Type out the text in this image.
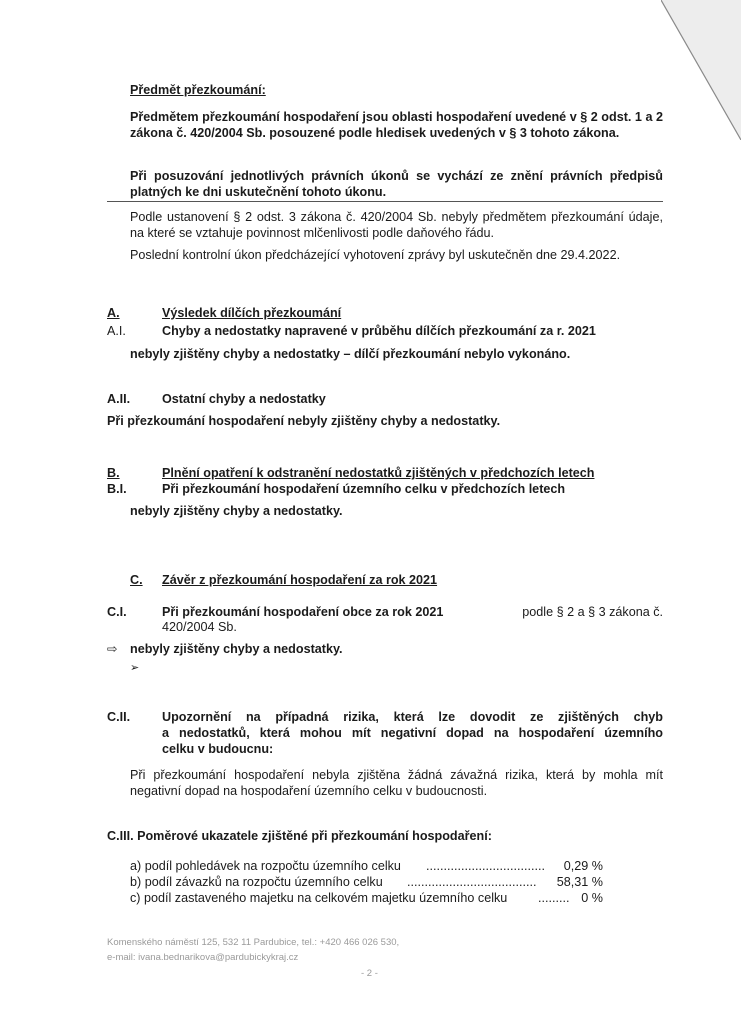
Předmět přezkoumání:
Předmětem přezkoumání hospodaření jsou oblasti hospodaření uvedené v § 2 odst. 1 a 2 zákona č. 420/2004 Sb. posouzené podle hledisek uvedených v § 3 tohoto zákona.
Při posuzování jednotlivých právních úkonů se vychází ze znění právních předpisů platných ke dni uskutečnění tohoto úkonu.
Podle ustanovení § 2 odst. 3 zákona č. 420/2004 Sb. nebyly předmětem přezkoumání údaje, na které se vztahuje povinnost mlčenlivosti podle daňového řádu.
Poslední kontrolní úkon předcházející vyhotovení zprávy byl uskutečněn dne 29.4.2022.
A.	Výsledek dílčích přezkoumání
A.I.	Chyby a nedostatky napravené v průběhu dílčích přezkoumání za r. 2021
nebyly zjištěny chyby a nedostatky – dílčí přezkoumání nebylo vykonáno.
A.II.	Ostatní chyby a nedostatky
Při přezkoumání hospodaření nebyly zjištěny chyby a nedostatky.
B.	Plnění opatření k odstranění nedostatků zjištěných v předchozích letech
B.I.	Při přezkoumání hospodaření územního celku v předchozích letech
nebyly zjištěny chyby a nedostatky.
C. Závěr z přezkoumání hospodaření za rok 2021
C.I.	Při přezkoumání hospodaření obce za rok 2021	podle § 2 a § 3 zákona č.
420/2004 Sb.
⇨ nebyly zjištěny chyby a nedostatky.
➢
C.II.	Upozornění na případná rizika, která lze dovodit ze zjištěných chyb
a nedostatků, která mohou mít negativní dopad na hospodaření územního
celku v budoucnu:
Při přezkoumání hospodaření nebyla zjištěna žádná závažná rizika, která by mohla mít negativní dopad na hospodaření územního celku v budoucnosti.
C.III. Poměrové ukazatele zjištěné při přezkoumání hospodaření:
a) podíl pohledávek na rozpočtu územního celku ..................................	0,29 %
b) podíl závazků na rozpočtu územního celku .....................................	58,31 %
c) podíl zastaveného majetku na celkovém majetku územního celku ......... 0 %
Komenského náměstí 125, 532 11 Pardubice, tel.: +420 466 026 530,
e-mail: ivana.bednarikova@pardubickykraj.cz
- 2 -
